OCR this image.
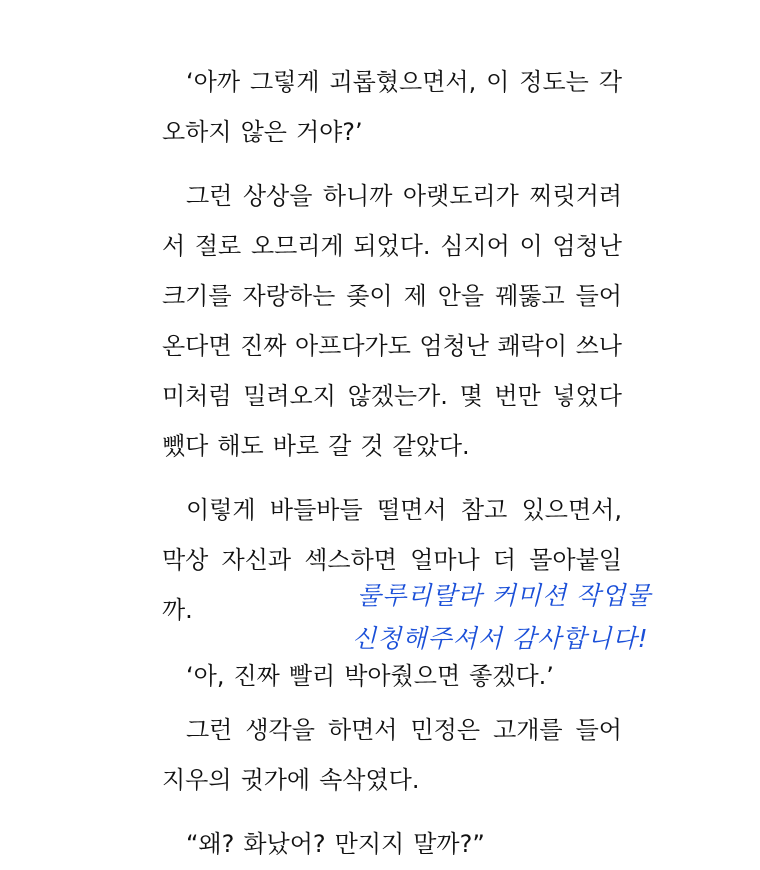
‘아까 그렇게 괴롭혔으면서, 이 정도는 각
오하지 않은 거야?’
그런 상상을 하니까 아랫도리가 찌릿거려
서 절로 오므리게 되었다. 심지어 이 엄청난
크기를 자랑하는 좆이 제 안을 꿰뚫고 들어
온다면 진짜 아프다가도 엄청난 쾌락이 쓰나
미처럼 밀려오지 않겠는가. 몇 번만 넣었다
뺐다 해도 바로 갈 것 같았다.
이렇게 바들바들 떨면서 참고 있으면서,
막상 자신과 섹스하면 얼마나 더 몰아붙일
까.
‘아, 진짜 빨리 박아줬으면 좋겠다.’
그런 생각을 하면서 민정은 고개를 들어
지우의 귓가에 속삭였다.
“왜? 화났어? 만지지 말까?”
룰루리랄라 커미션 작업물
신청해주셔서 감사합니다!
